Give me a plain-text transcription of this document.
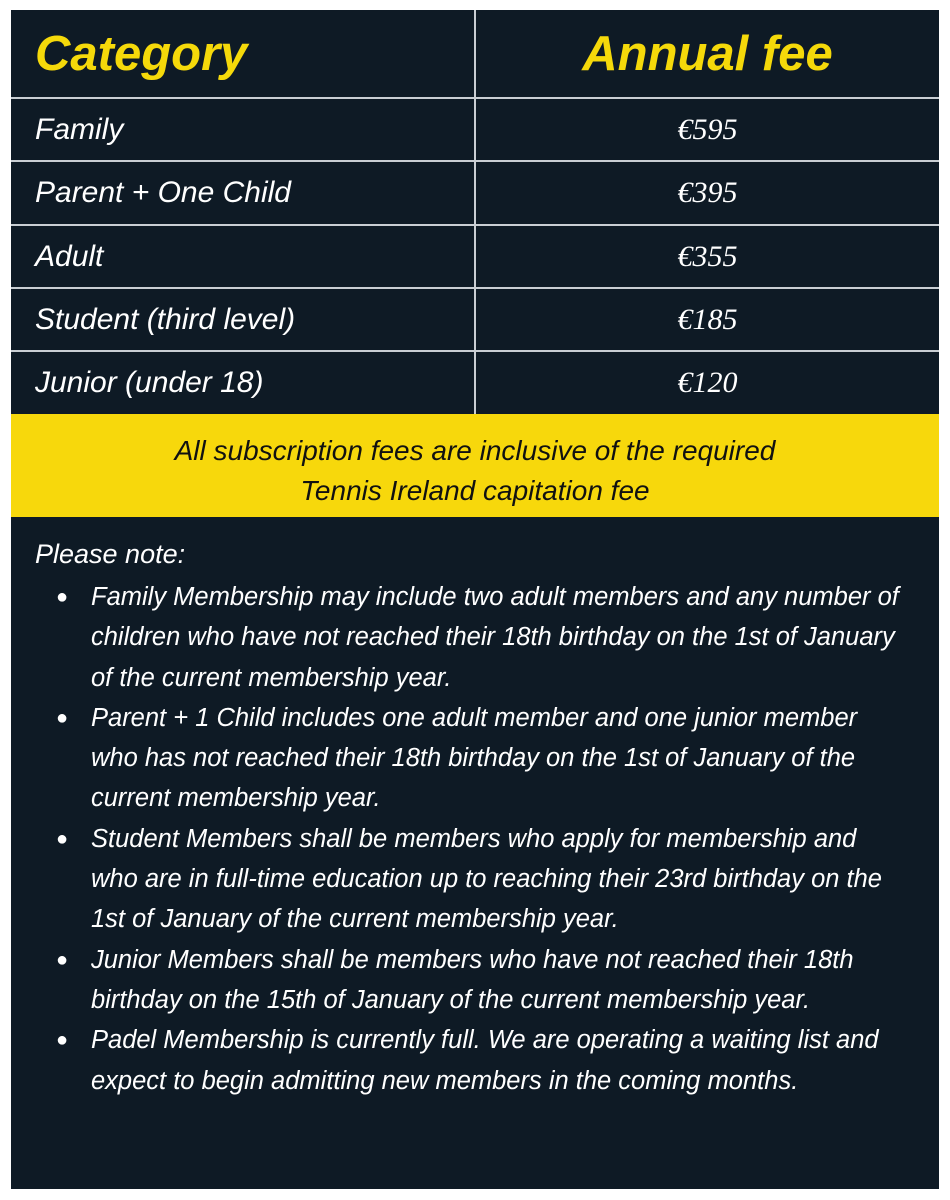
Category	Annual fee
Family	€595
Parent + One Child	€395
Adult	€355
Student (third level)	€185
Junior (under 18)	€120
All subscription fees are inclusive of the required
Tennis Ireland capitation fee
Please note:
● Family Membership may include two adult members and any number of children who have not reached their 18th birthday on the 1st of January of the current membership year.
● Parent + 1 Child includes one adult member and one junior member who has not reached their 18th birthday on the 1st of January of the current membership year.
● Student Members shall be members who apply for membership and who are in full-time education up to reaching their 23rd birthday on the 1st of January of the current membership year.
● Junior Members shall be members who have not reached their 18th birthday on the 15th of January of the current membership year.
● Padel Membership is currently full. We are operating a waiting list and expect to begin admitting new members in the coming months.
